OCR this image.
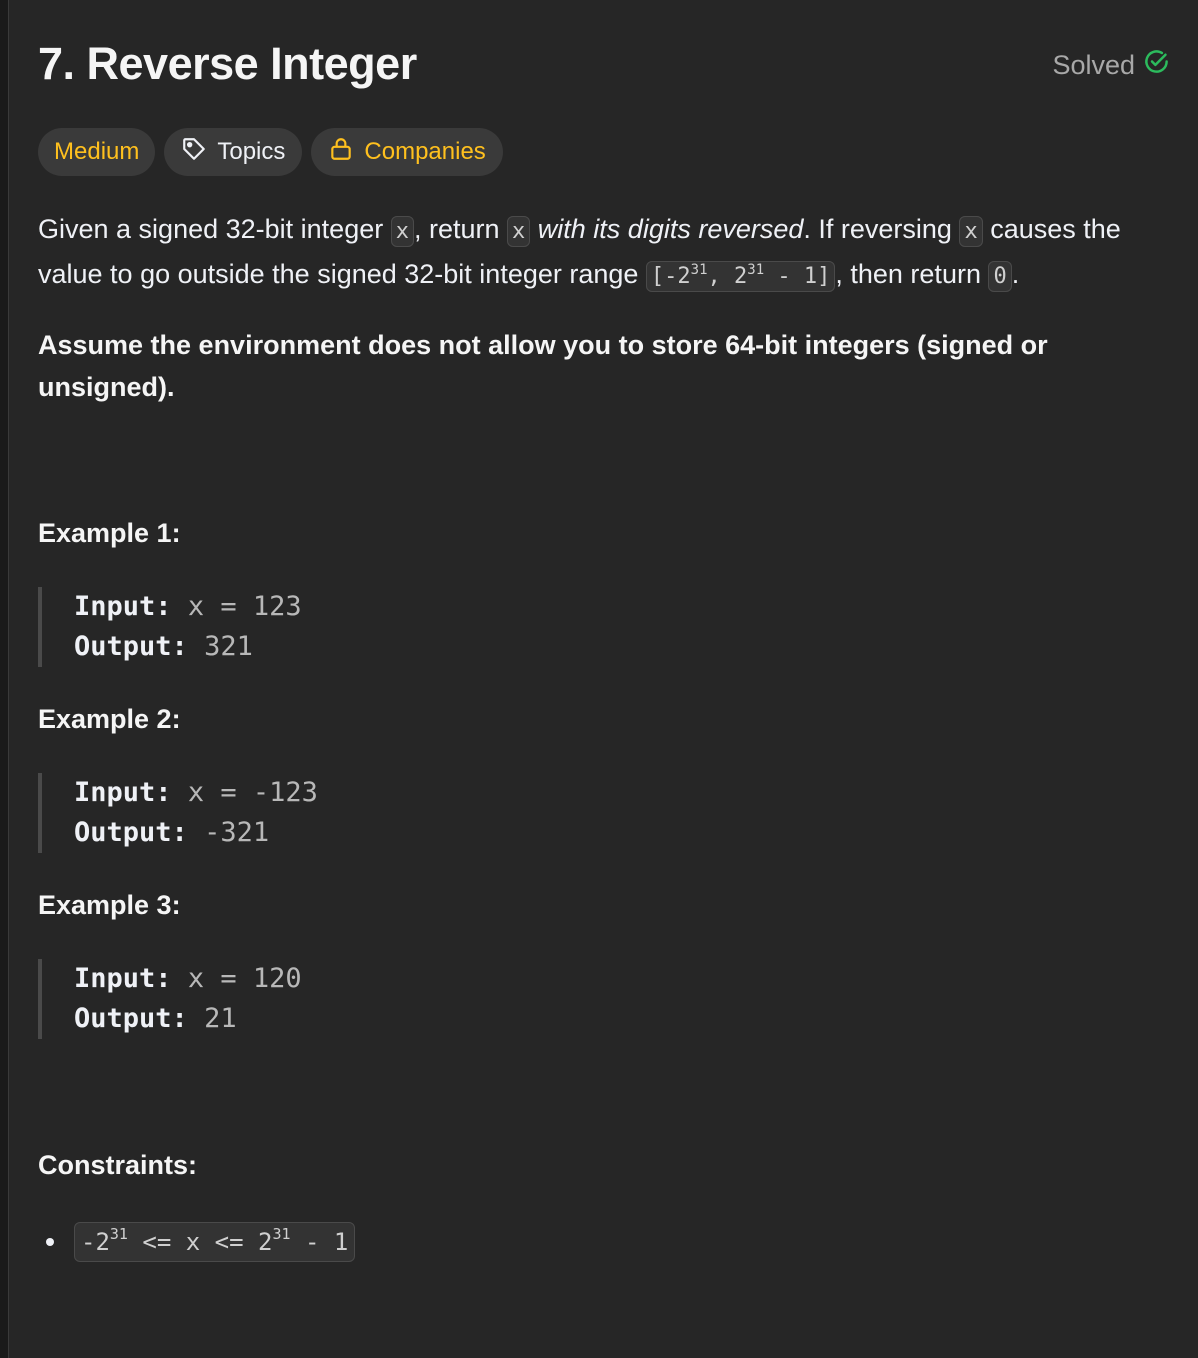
7. Reverse Integer	Solved
Medium	Topics	Companies

Given a signed 32-bit integer x , return x with its digits reversed. If reversing x causes the value to go outside the signed 32-bit integer range [$-2^{31}$, $2^{31} - 1$] , then return 0 .

Assume the environment does not allow you to store 64-bit integers (signed or unsigned).

Example 1:
Input: x = 123
Output: 321
Example 2:
Input: x = -123
Output: -321
Example 3:
Input: x = 120
Output: 21
Constraints:
$-2^{31} <= x <= 2^{31} - 1$
